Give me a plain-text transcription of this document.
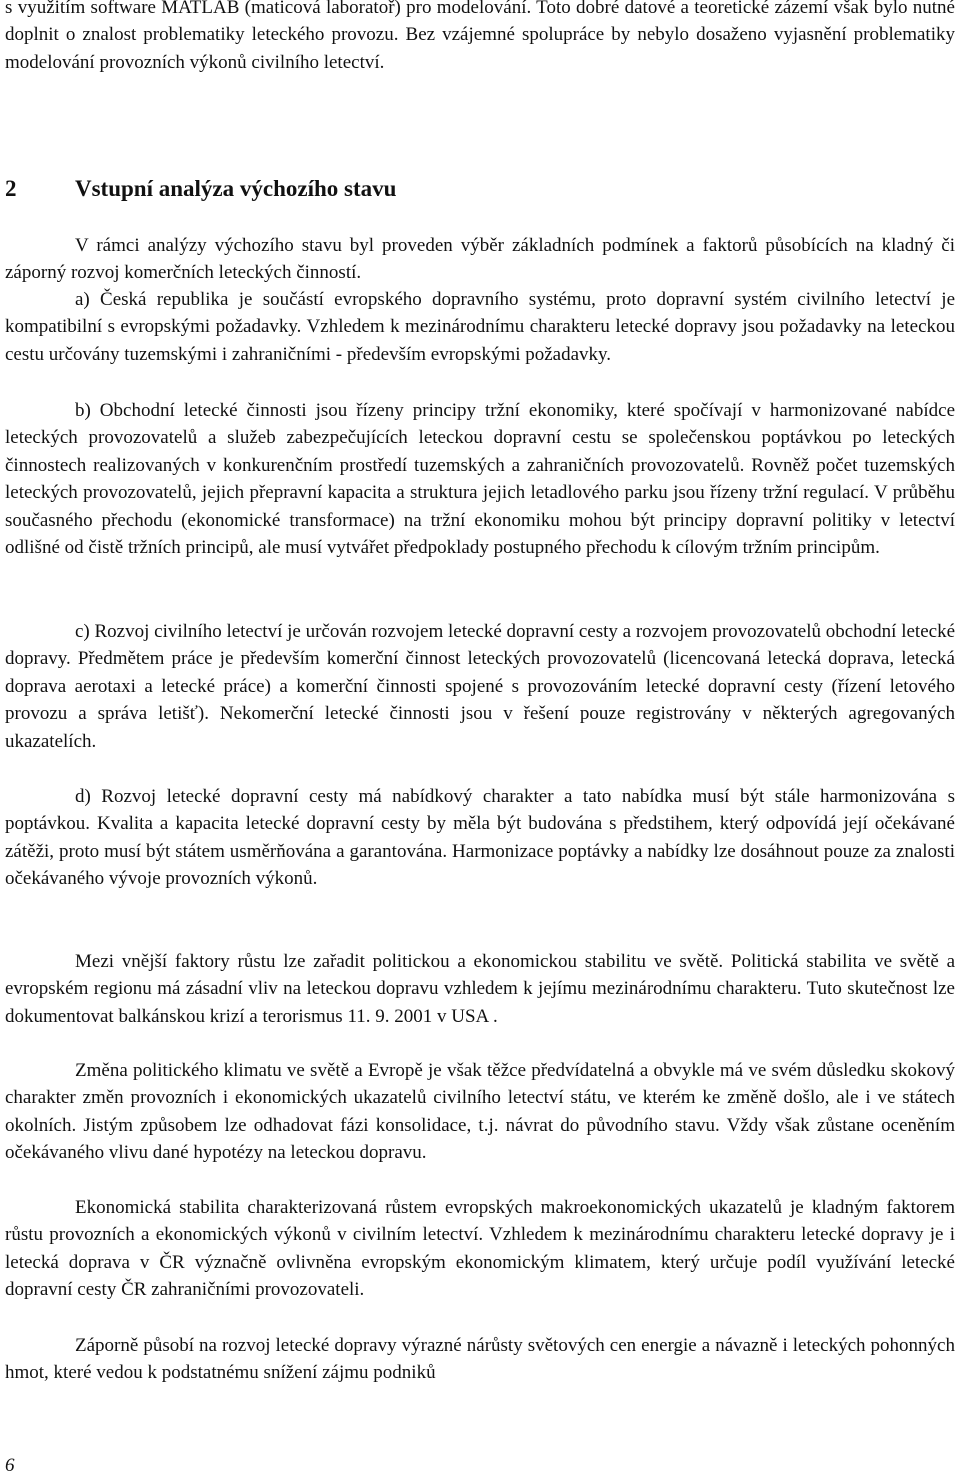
s využitím software MATLAB (maticová laboratoř) pro modelování. Toto dobré datové a teoretické zázemí však bylo nutné doplnit o znalost problematiky leteckého provozu. Bez vzájemné spolupráce by nebylo dosaženo vyjasnění problematiky modelování provozních výkonů civilního letectví.

2	Vstupní analýza výchozího stavu

V rámci analýzy výchozího stavu byl proveden výběr základních podmínek a faktorů působících na kladný či záporný rozvoj komerčních leteckých činností.

a) Česká republika je součástí evropského dopravního systému, proto dopravní systém civilního letectví je kompatibilní s evropskými požadavky. Vzhledem k mezinárodnímu charakteru letecké dopravy jsou požadavky na leteckou cestu určovány tuzemskými i zahraničními - především evropskými požadavky.

b) Obchodní letecké činnosti jsou řízeny principy tržní ekonomiky, které spočívají v harmonizované nabídce leteckých provozovatelů a služeb zabezpečujících leteckou dopravní cestu se společenskou poptávkou po leteckých činnostech realizovaných v konkurenčním prostředí tuzemských a zahraničních provozovatelů. Rovněž počet tuzemských leteckých provozovatelů, jejich přepravní kapacita a struktura jejich letadlového parku jsou řízeny tržní regulací. V průběhu současného přechodu (ekonomické transformace) na tržní ekonomiku mohou být principy dopravní politiky v letectví odlišné od čistě tržních principů, ale musí vytvářet předpoklady postupného přechodu k cílovým tržním principům.

c) Rozvoj civilního letectví je určován rozvojem letecké dopravní cesty a rozvojem provozovatelů obchodní letecké dopravy. Předmětem práce je především komerční činnost leteckých provozovatelů (licencovaná letecká doprava, letecká doprava aerotaxi a letecké práce) a komerční činnosti spojené s provozováním letecké dopravní cesty (řízení letového provozu a správa letišť). Nekomerční letecké činnosti jsou v řešení pouze registrovány v některých agregovaných ukazatelích.

d) Rozvoj letecké dopravní cesty má nabídkový charakter a tato nabídka musí být stále harmonizována s poptávkou. Kvalita a kapacita letecké dopravní cesty by měla být budována s předstihem, který odpovídá její očekávané zátěži, proto musí být státem usměrňována a garantována. Harmonizace poptávky a nabídky lze dosáhnout pouze za znalosti očekávaného vývoje provozních výkonů.

Mezi vnější faktory růstu lze zařadit politickou a ekonomickou stabilitu ve světě. Politická stabilita ve světě a evropském regionu má zásadní vliv na leteckou dopravu vzhledem k jejímu mezinárodnímu charakteru. Tuto skutečnost lze dokumentovat balkánskou krizí a terorismus 11. 9. 2001 v USA .

Změna politického klimatu ve světě a Evropě je však těžce předvídatelná a obvykle má ve svém důsledku skokový charakter změn provozních i ekonomických ukazatelů civilního letectví státu, ve kterém ke změně došlo, ale i ve státech okolních. Jistým způsobem lze odhadovat fázi konsolidace, t.j. návrat do původního stavu. Vždy však zůstane oceněním očekávaného vlivu dané hypotézy na leteckou dopravu.

Ekonomická stabilita charakterizovaná růstem evropských makroekonomických ukazatelů je kladným faktorem růstu provozních a ekonomických výkonů v civilním letectví. Vzhledem k mezinárodnímu charakteru letecké dopravy je i letecká doprava v ČR význačně ovlivněna evropským ekonomickým klimatem, který určuje podíl využívání letecké dopravní cesty ČR zahraničními provozovateli.

Záporně působí na rozvoj letecké dopravy výrazné nárůsty světových cen energie a návazně i leteckých pohonných hmot, které vedou k podstatnému snížení zájmu podniků

6
